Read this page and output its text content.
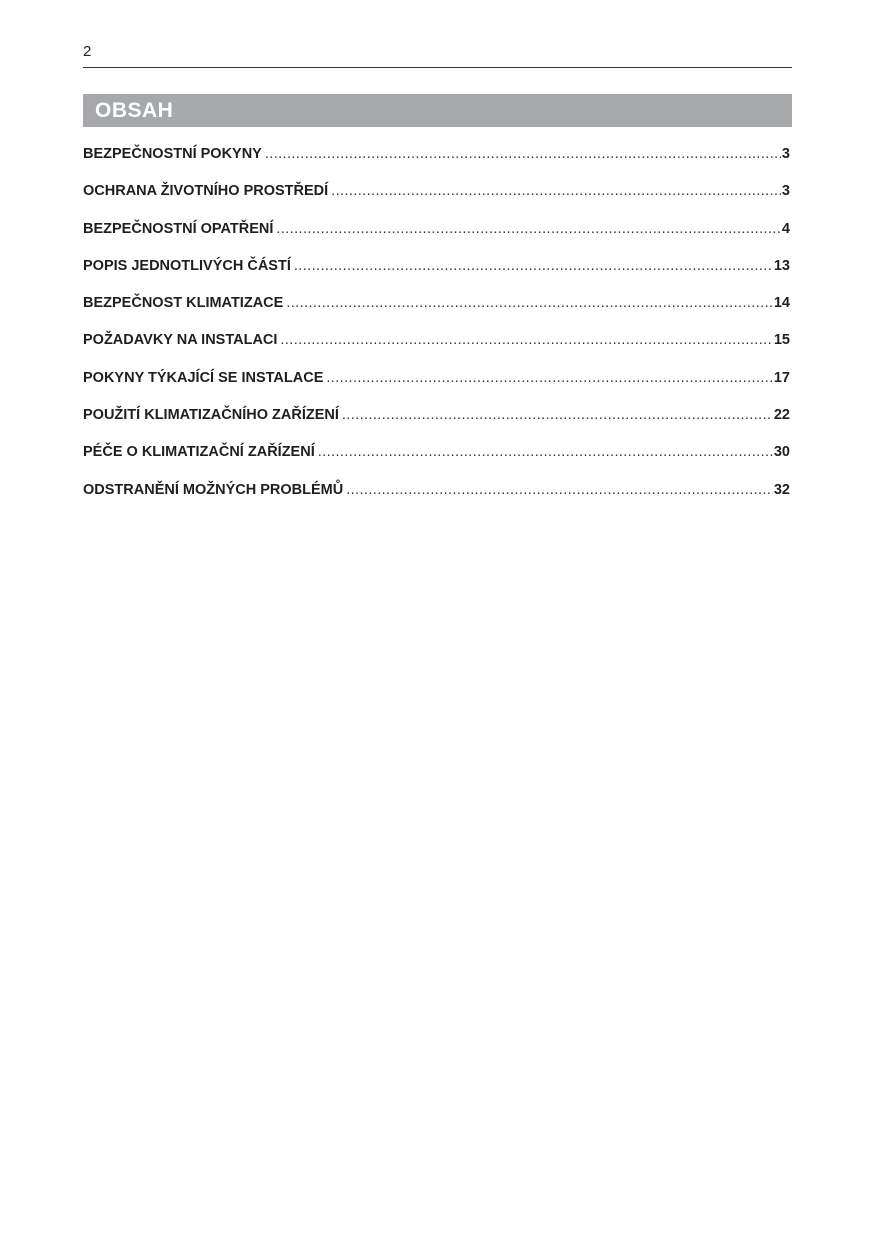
2
OBSAH
BEZPEČNOSTNÍ POKYNY .....	3
OCHRANA ŽIVOTNÍHO PROSTŘEDÍ .....	3
BEZPEČNOSTNÍ OPATŘENÍ .....	4
POPIS JEDNOTLIVÝCH ČÁSTÍ .....	13
BEZPEČNOST KLIMATIZACE .....	14
POŽADAVKY NA INSTALACI .....	15
POKYNY TÝKAJÍCÍ SE INSTALACE .....	17
POUŽITÍ KLIMATIZAČNÍHO ZAŘÍZENÍ .....	22
PÉČE O KLIMATIZAČNÍ ZAŘÍZENÍ .....	30
ODSTRANĚNÍ MOŽNÝCH PROBLÉMŮ .....	32
